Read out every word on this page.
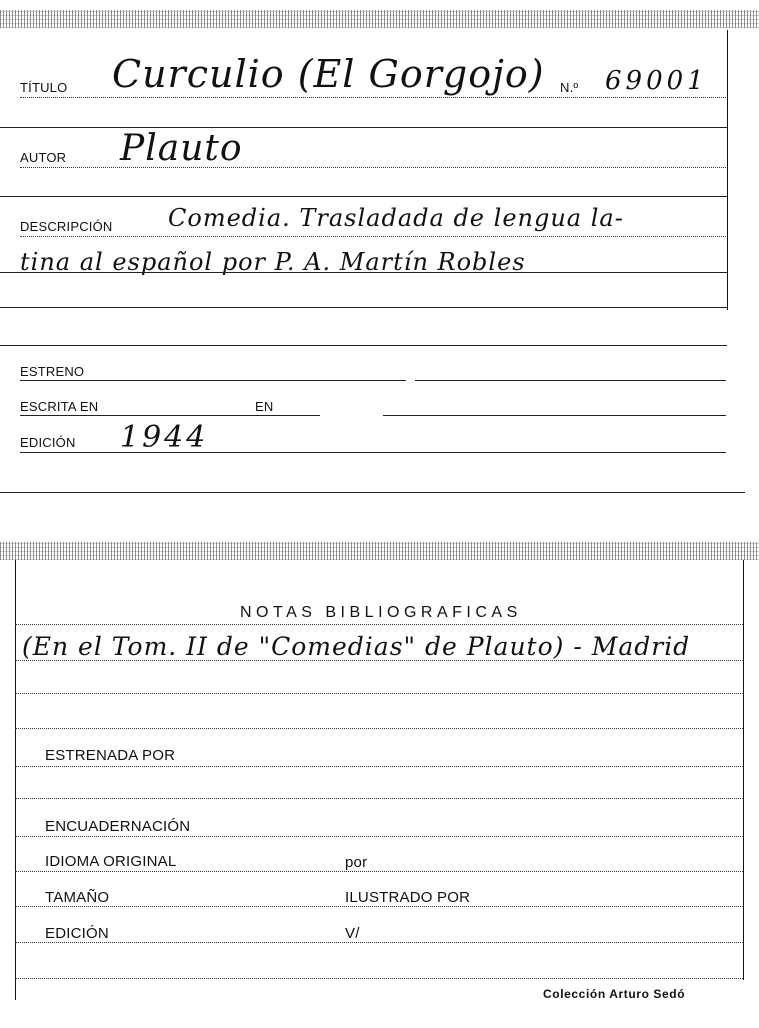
TÍTULO Curculio (El Gorgojo) N.º 69001
AUTOR Plauto
DESCRIPCIÓN Comedia. Trasladada de lengua la-
tina al español por P. A. Martín Robles
ESTRENO
ESCRITA EN	EN
EDICIÓN 1944
NOTAS BIBLIOGRAFICAS
(En el Tom. II de "Comedias" de Plauto) - Madrid
ESTRENADA POR
ENCUADERNACIÓN
IDIOMA ORIGINAL	por
TAMAÑO	ILUSTRADO POR
EDICIÓN	V/
Colección Arturo Sedó
